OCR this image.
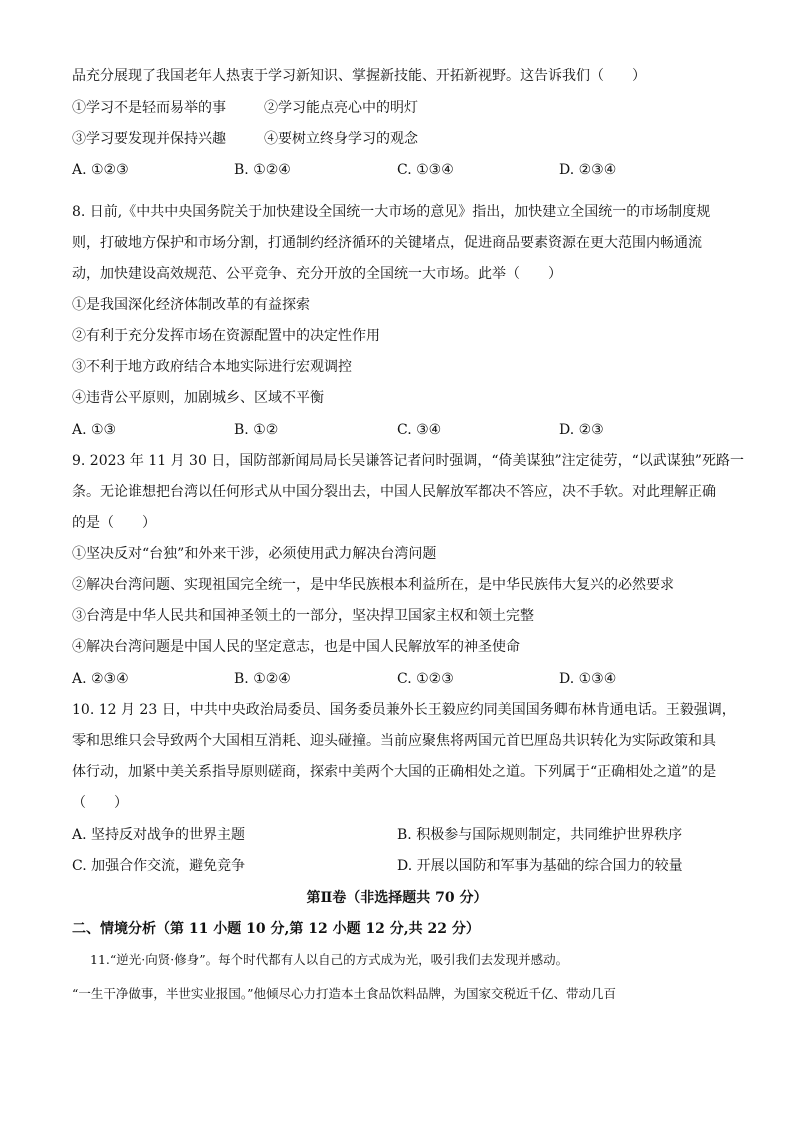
品充分展现了我国老年人热衷于学习新知识、掌握新技能、开拓新视野。这告诉我们（　　）
①学习不是轻而易举的事	②学习能点亮心中的明灯
③学习要发现并保持兴趣	④要树立终身学习的观念
A. ①②③	B. ①②④	C. ①③④	D. ②③④
8. 日前,《中共中央国务院关于加快建设全国统一大市场的意见》指出，加快建立全国统一的市场制度规
则，打破地方保护和市场分割，打通制约经济循环的关键堵点，促进商品要素资源在更大范围内畅通流
动，加快建设高效规范、公平竞争、充分开放的全国统一大市场。此举（　　）
①是我国深化经济体制改革的有益探索
②有利于充分发挥市场在资源配置中的决定性作用
③不利于地方政府结合本地实际进行宏观调控
④违背公平原则，加剧城乡、区域不平衡
A. ①③	B. ①②	C. ③④	D. ②③
9. 2023 年 11 月 30 日，国防部新闻局局长吴谦答记者问时强调，“倚美谋独”注定徒劳，“以武谋独”死路一
条。无论谁想把台湾以任何形式从中国分裂出去，中国人民解放军都决不答应，决不手软。对此理解正确
的是（　　）
①坚决反对“台独”和外来干涉，必须使用武力解决台湾问题
②解决台湾问题、实现祖国完全统一，是中华民族根本利益所在，是中华民族伟大复兴的必然要求
③台湾是中华人民共和国神圣领土的一部分，坚决捍卫国家主权和领土完整
④解决台湾问题是中国人民的坚定意志，也是中国人民解放军的神圣使命
A. ②③④	B. ①②④	C. ①②③	D. ①③④
10. 12 月 23 日，中共中央政治局委员、国务委员兼外长王毅应约同美国国务卿布林肯通电话。王毅强调，
零和思维只会导致两个大国相互消耗、迎头碰撞。当前应聚焦将两国元首巴厘岛共识转化为实际政策和具
体行动，加紧中美关系指导原则磋商，探索中美两个大国的正确相处之道。下列属于“正确相处之道”的是
（　　）
A. 坚持反对战争的世界主题	B. 积极参与国际规则制定，共同维护世界秩序
C. 加强合作交流，避免竞争	D. 开展以国防和军事为基础的综合国力的较量
第Ⅱ卷（非选择题共 70 分）
二、情境分析（第 11 小题 10 分,第 12 小题 12 分,共 22 分）
11.“逆光·向贤·修身”。每个时代都有人以自己的方式成为光，吸引我们去发现并感动。
“一生干净做事，半世实业报国。”他倾尽心力打造本土食品饮料品牌，为国家交税近千亿、带动几百
